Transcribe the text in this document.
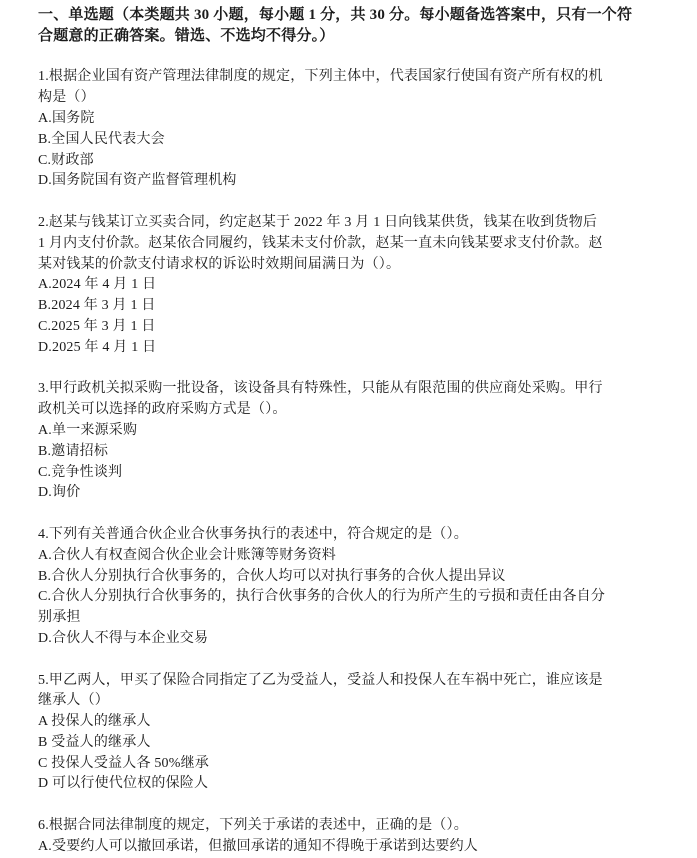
一、单选题（本类题共 30 小题，每小题 1 分，共 30 分。每小题备选答案中，只有一个符
合题意的正确答案。错选、不选均不得分。）
1.根据企业国有资产管理法律制度的规定，下列主体中，代表国家行使国有资产所有权的机
构是（）
A.国务院
B.全国人民代表大会
C.财政部
D.国务院国有资产监督管理机构
2.赵某与钱某订立买卖合同，约定赵某于 2022 年 3 月 1 日向钱某供货，钱某在收到货物后
1 月内支付价款。赵某依合同履约，钱某未支付价款，赵某一直未向钱某要求支付价款。赵
某对钱某的价款支付请求权的诉讼时效期间届满日为（）。
A.2024 年 4 月 1 日
B.2024 年 3 月 1 日
C.2025 年 3 月 1 日
D.2025 年 4 月 1 日
3.甲行政机关拟采购一批设备，该设备具有特殊性，只能从有限范围的供应商处采购。甲行
政机关可以选择的政府采购方式是（）。
A.单一来源采购
B.邀请招标
C.竞争性谈判
D.询价
4.下列有关普通合伙企业合伙事务执行的表述中，符合规定的是（）。
A.合伙人有权查阅合伙企业会计账簿等财务资料
B.合伙人分别执行合伙事务的，合伙人均可以对执行事务的合伙人提出异议
C.合伙人分别执行合伙事务的，执行合伙事务的合伙人的行为所产生的亏损和责任由各自分
别承担
D.合伙人不得与本企业交易
5.甲乙两人，甲买了保险合同指定了乙为受益人，受益人和投保人在车祸中死亡，谁应该是
继承人（）
A 投保人的继承人
B 受益人的继承人
C 投保人受益人各 50%继承
D 可以行使代位权的保险人
6.根据合同法律制度的规定，下列关于承诺的表述中，正确的是（）。
A.受要约人可以撤回承诺，但撤回承诺的通知不得晚于承诺到达要约人
